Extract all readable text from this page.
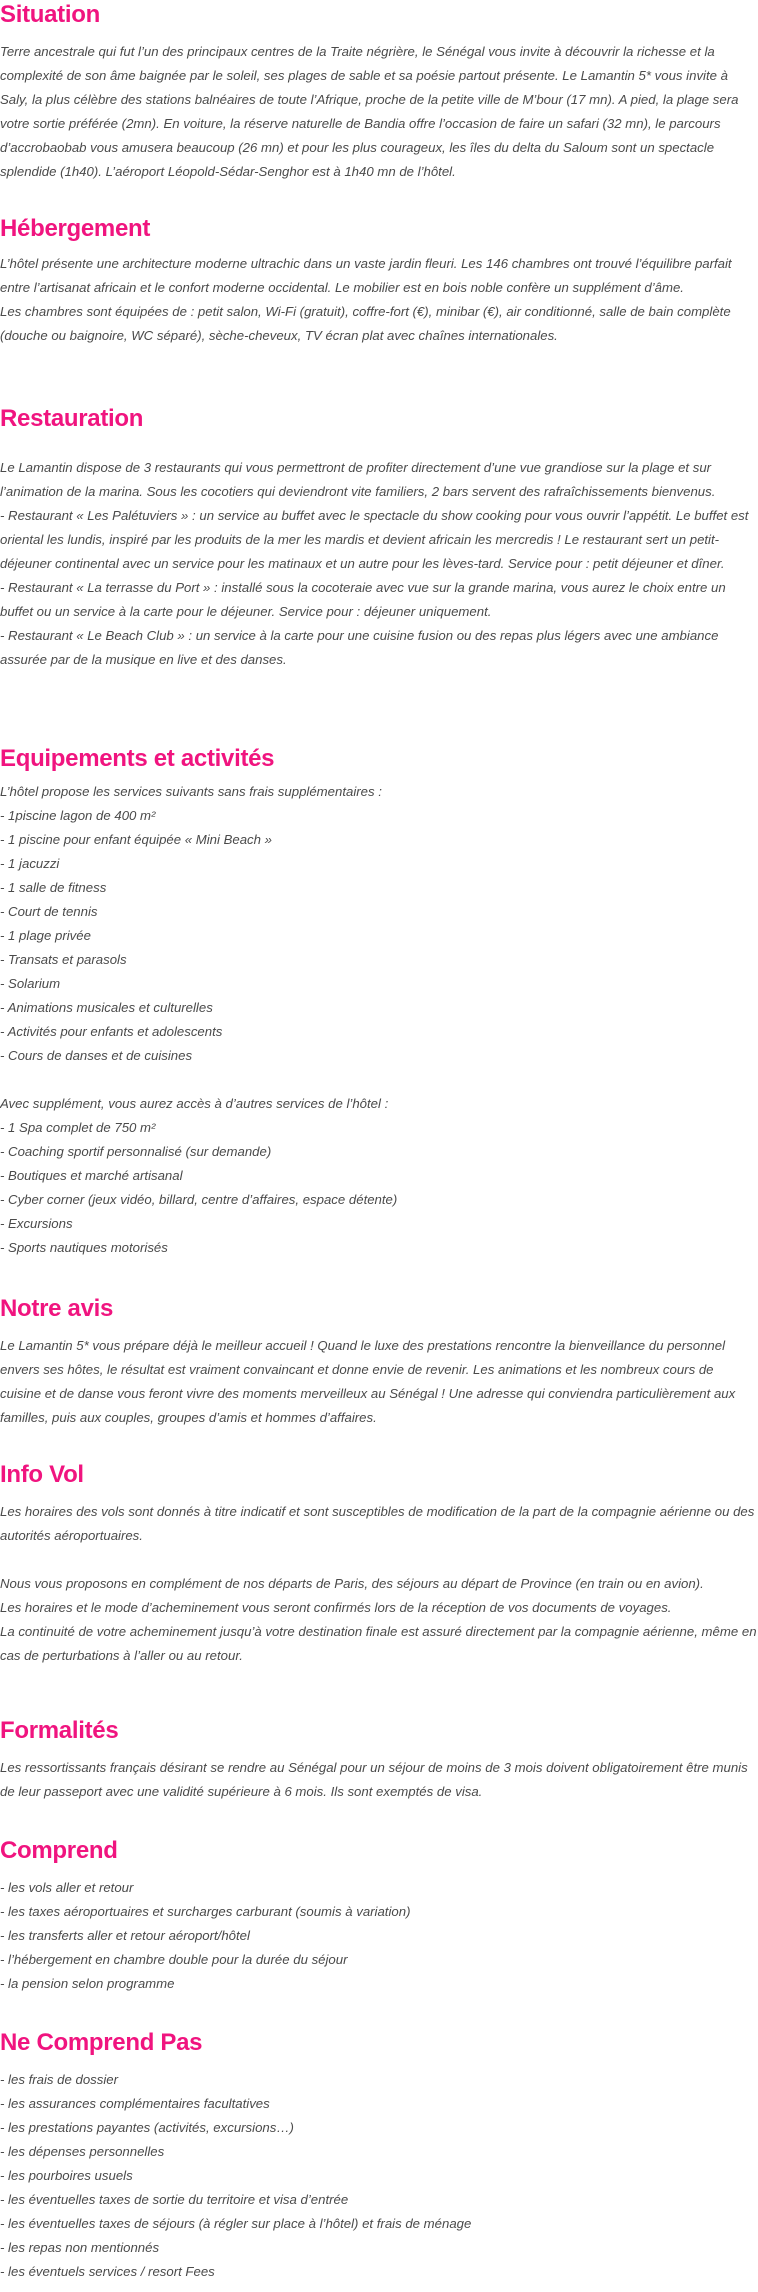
Situation

Terre ancestrale qui fut l’un des principaux centres de la Traite négrière, le Sénégal vous invite à découvrir la richesse et la complexité de son âme baignée par le soleil, ses plages de sable et sa poésie partout présente. Le Lamantin 5* vous invite à Saly, la plus célèbre des stations balnéaires de toute l’Afrique, proche de la petite ville de M’bour (17 mn). A pied, la plage sera votre sortie préférée (2mn). En voiture, la réserve naturelle de Bandia offre l’occasion de faire un safari (32 mn), le parcours d’accrobaobab vous amusera beaucoup (26 mn) et pour les plus courageux, les îles du delta du Saloum sont un spectacle splendide (1h40). L’aéroport Léopold-Sédar-Senghor est à 1h40 mn de l’hôtel.

Hébergement

L’hôtel présente une architecture moderne ultrachic dans un vaste jardin fleuri. Les 146 chambres ont trouvé l’équilibre parfait entre l’artisanat africain et le confort moderne occidental. Le mobilier est en bois noble confère un supplément d’âme.
Les chambres sont équipées de : petit salon, Wi-Fi (gratuit), coffre-fort (€), minibar (€), air conditionné, salle de bain complète (douche ou baignoire, WC séparé), sèche-cheveux, TV écran plat avec chaînes internationales.

Restauration

Le Lamantin dispose de 3 restaurants qui vous permettront de profiter directement d’une vue grandiose sur la plage et sur l’animation de la marina. Sous les cocotiers qui deviendront vite familiers, 2 bars servent des rafraîchissements bienvenus.
- Restaurant « Les Palétuviers » : un service au buffet avec le spectacle du show cooking pour vous ouvrir l’appétit. Le buffet est oriental les lundis, inspiré par les produits de la mer les mardis et devient africain les mercredis ! Le restaurant sert un petit-déjeuner continental avec un service pour les matinaux et un autre pour les lèves-tard. Service pour : petit déjeuner et dîner.
- Restaurant « La terrasse du Port » : installé sous la cocoteraie avec vue sur la grande marina, vous aurez le choix entre un buffet ou un service à la carte pour le déjeuner. Service pour : déjeuner uniquement.
- Restaurant « Le Beach Club » : un service à la carte pour une cuisine fusion ou des repas plus légers avec une ambiance assurée par de la musique en live et des danses.

Equipements et activités
L’hôtel propose les services suivants sans frais supplémentaires :
- 1piscine lagon de 400 m²
- 1 piscine pour enfant équipée « Mini Beach »
- 1 jacuzzi
- 1 salle de fitness
- Court de tennis
- 1 plage privée
- Transats et parasols
- Solarium
- Animations musicales et culturelles
- Activités pour enfants et adolescents
- Cours de danses et de cuisines
Avec supplément, vous aurez accès à d’autres services de l’hôtel :
- 1 Spa complet de 750 m²
- Coaching sportif personnalisé (sur demande)
- Boutiques et marché artisanal
- Cyber corner (jeux vidéo, billard, centre d’affaires, espace détente)
- Excursions
- Sports nautiques motorisés
Notre avis

Le Lamantin 5* vous prépare déjà le meilleur accueil ! Quand le luxe des prestations rencontre la bienveillance du personnel envers ses hôtes, le résultat est vraiment convaincant et donne envie de revenir. Les animations et les nombreux cours de cuisine et de danse vous feront vivre des moments merveilleux au Sénégal ! Une adresse qui conviendra particulièrement aux familles, puis aux couples, groupes d’amis et hommes d’affaires.

Info Vol

Les horaires des vols sont donnés à titre indicatif et sont susceptibles de modification de la part de la compagnie aérienne ou des autorités aéroportuaires.
Nous vous proposons en complément de nos départs de Paris, des séjours au départ de Province (en train ou en avion).
Les horaires et le mode d’acheminement vous seront confirmés lors de la réception de vos documents de voyages.
La continuité de votre acheminement jusqu’à votre destination finale est assuré directement par la compagnie aérienne, même en cas de perturbations à l’aller ou au retour.

Formalités

Les ressortissants français désirant se rendre au Sénégal pour un séjour de moins de 3 mois doivent obligatoirement être munis de leur passeport avec une validité supérieure à 6 mois. Ils sont exemptés de visa.

Comprend
- les vols aller et retour
- les taxes aéroportuaires et surcharges carburant (soumis à variation)
- les transferts aller et retour aéroport/hôtel
- l’hébergement en chambre double pour la durée du séjour
- la pension selon programme
Ne Comprend Pas
- les frais de dossier
- les assurances complémentaires facultatives
- les prestations payantes (activités, excursions…)
- les dépenses personnelles
- les pourboires usuels
- les éventuelles taxes de sortie du territoire et visa d’entrée
- les éventuelles taxes de séjours (à régler sur place à l’hôtel) et frais de ménage
- les repas non mentionnés
- les éventuels services / resort Fees
